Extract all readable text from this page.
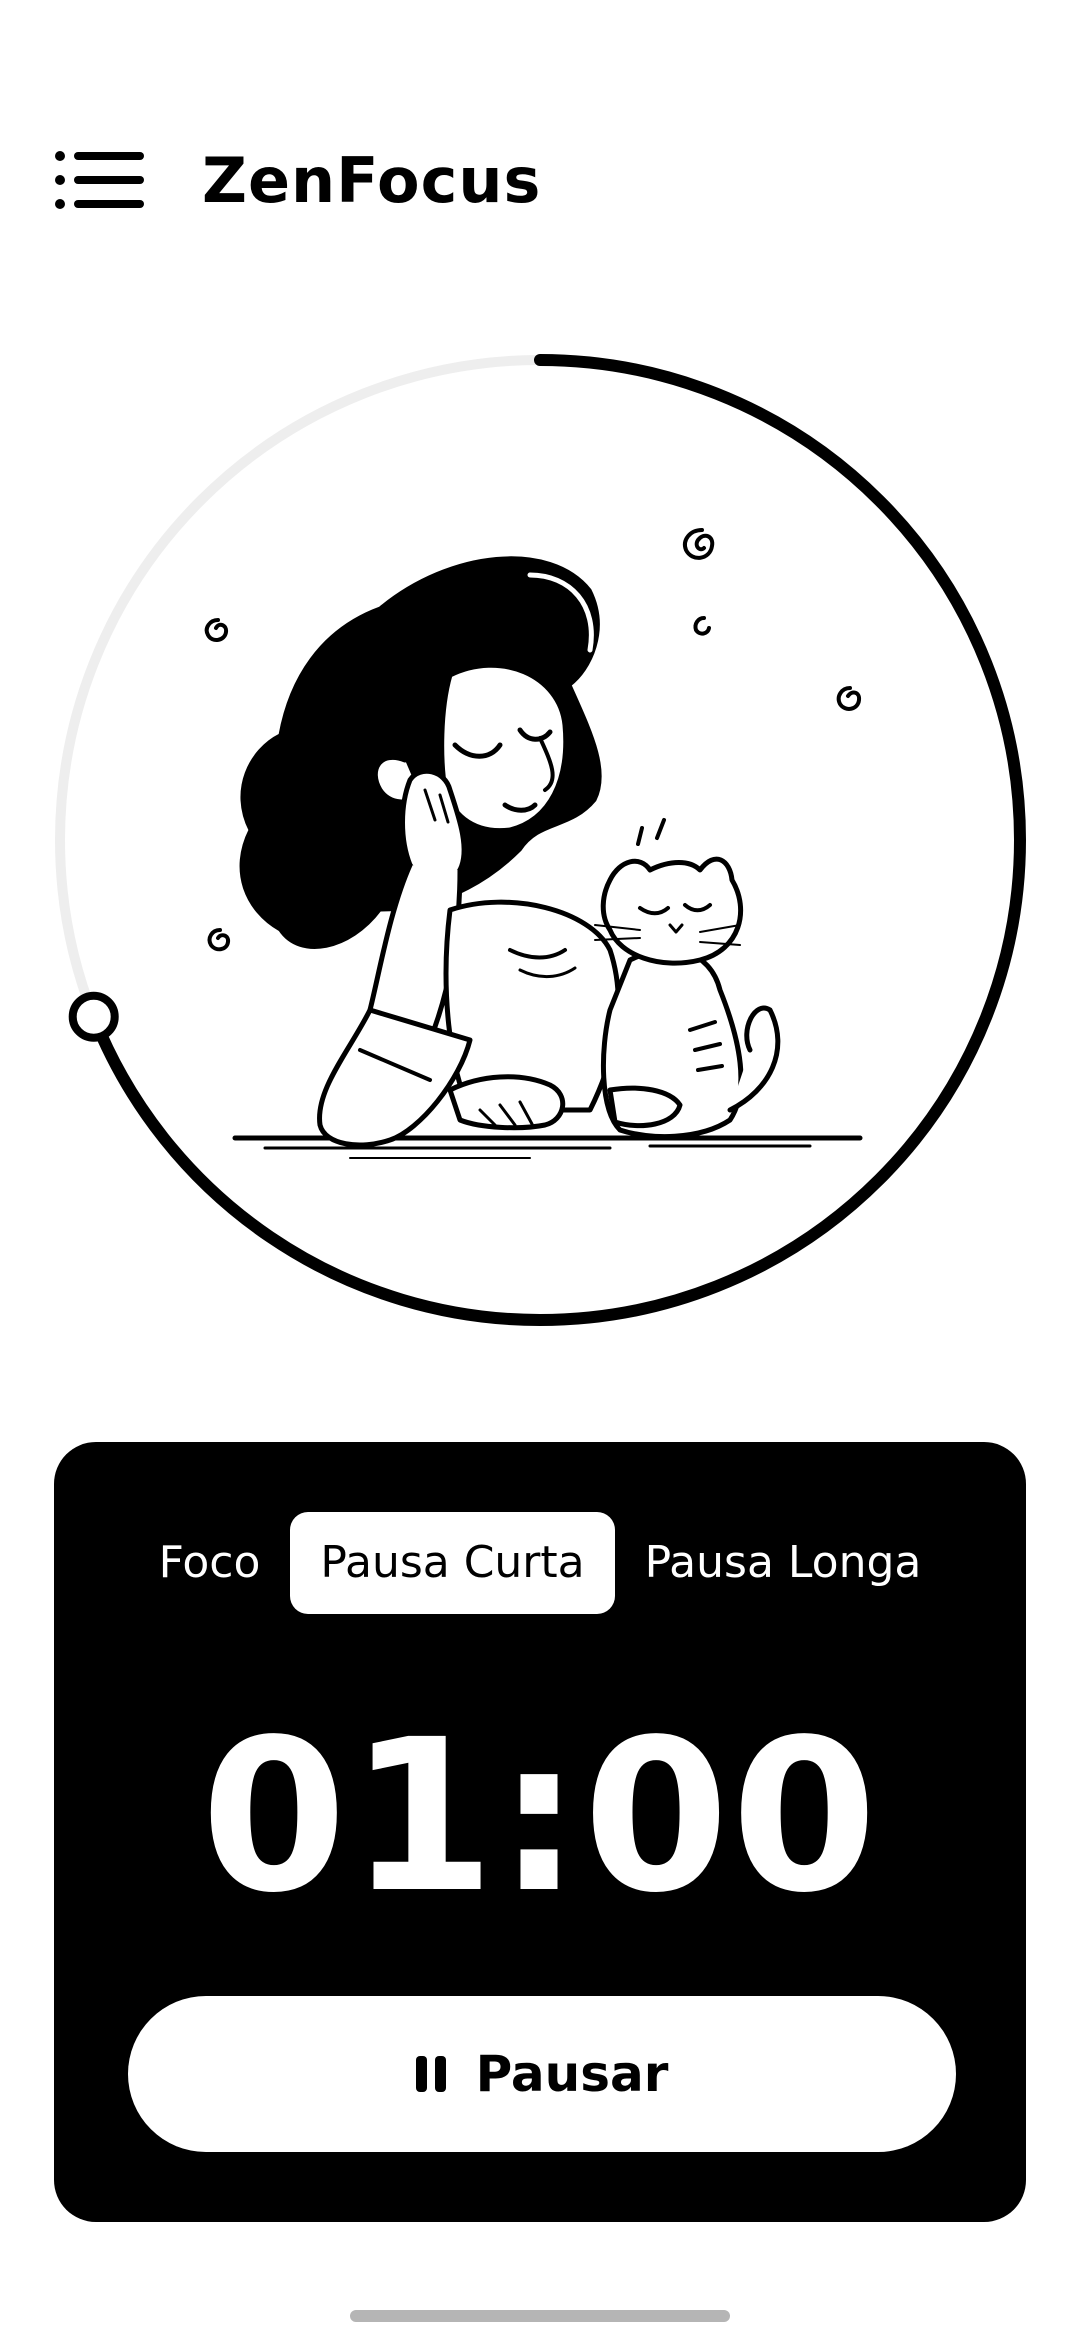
ZenFocus
Foco	Pausa Curta	Pausa Longa
01:00
Pausar
